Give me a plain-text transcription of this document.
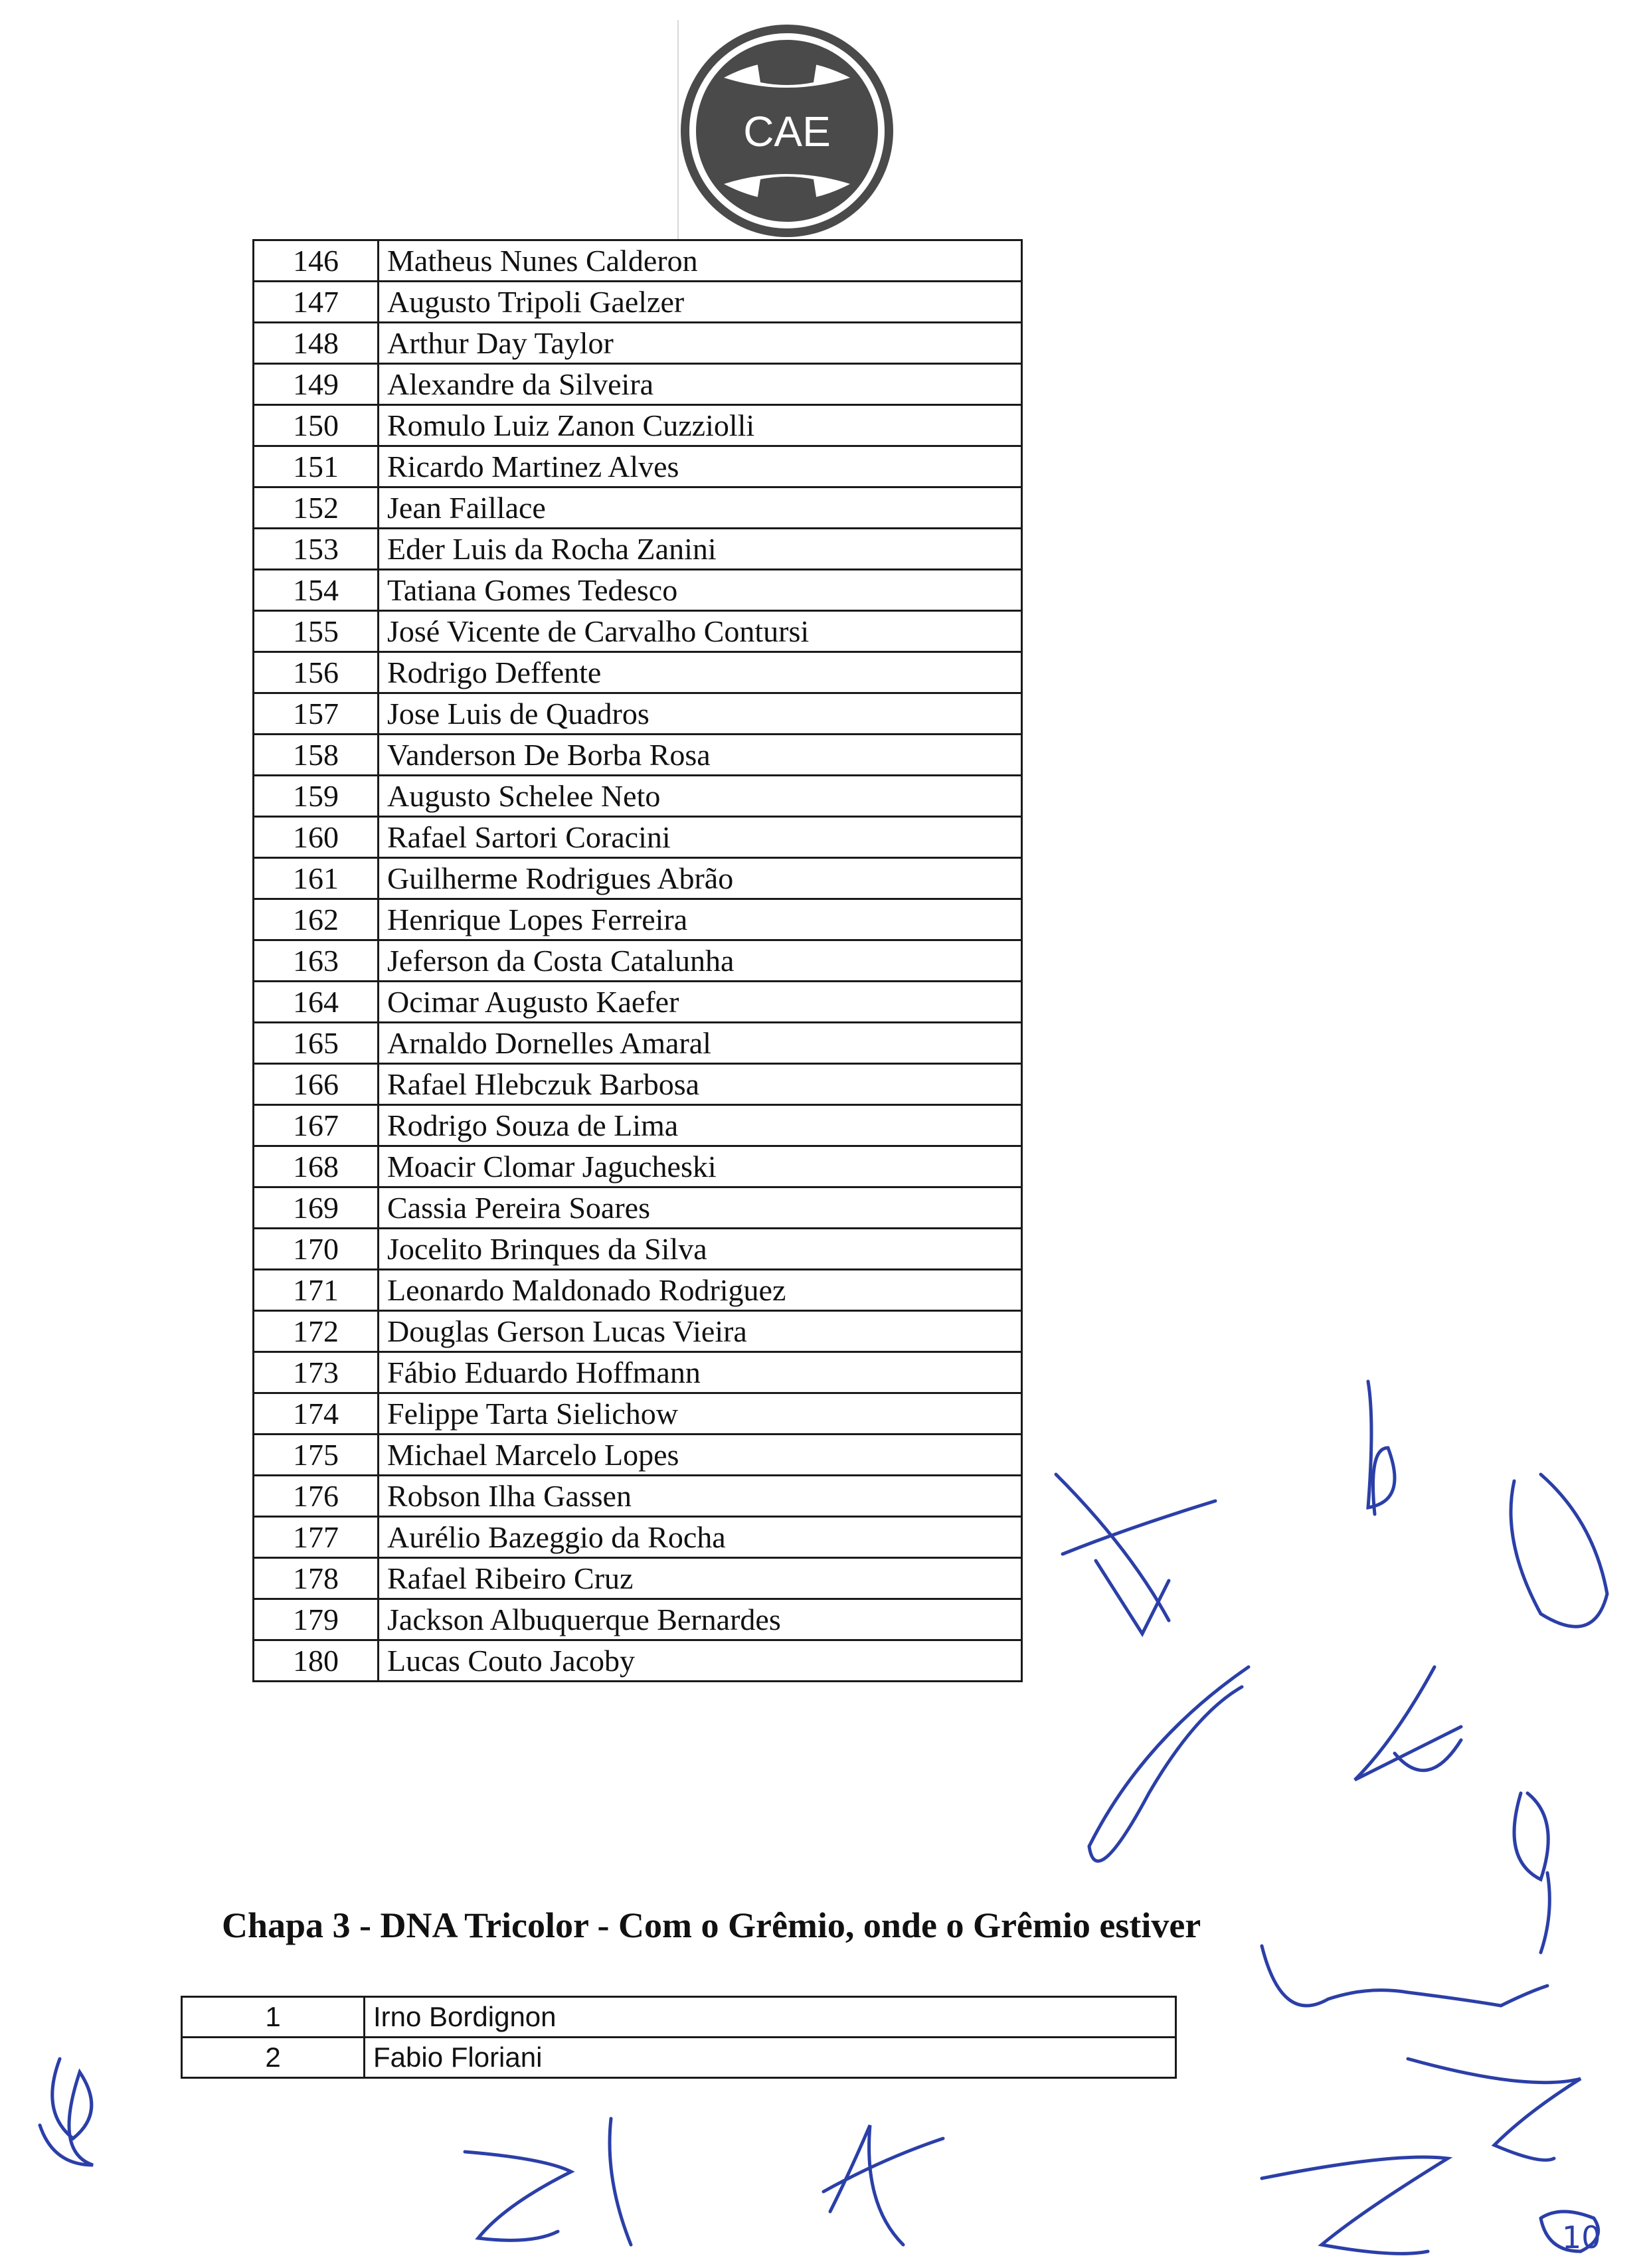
CAE
146	Matheus Nunes Calderon
147	Augusto Tripoli Gaelzer
148	Arthur Day Taylor
149	Alexandre da Silveira
150	Romulo Luiz Zanon Cuzziolli
151	Ricardo Martinez Alves
152	Jean Faillace
153	Eder Luis da Rocha Zanini
154	Tatiana Gomes Tedesco
155	José Vicente de Carvalho Contursi
156	Rodrigo Deffente
157	Jose Luis de Quadros
158	Vanderson De Borba Rosa
159	Augusto Schelee Neto
160	Rafael Sartori Coracini
161	Guilherme Rodrigues Abrão
162	Henrique Lopes Ferreira
163	Jeferson da Costa Catalunha
164	Ocimar Augusto Kaefer
165	Arnaldo Dornelles Amaral
166	Rafael Hlebczuk Barbosa
167	Rodrigo Souza de Lima
168	Moacir Clomar Jagucheski
169	Cassia Pereira Soares
170	Jocelito Brinques da Silva
171	Leonardo Maldonado Rodriguez
172	Douglas Gerson Lucas Vieira
173	Fábio Eduardo Hoffmann
174	Felippe Tarta Sielichow
175	Michael Marcelo Lopes
176	Robson Ilha Gassen
177	Aurélio Bazeggio da Rocha
178	Rafael Ribeiro Cruz
179	Jackson Albuquerque Bernardes
180	Lucas Couto Jacoby
Chapa 3 - DNA Tricolor - Com o Grêmio, onde o Grêmio estiver
1	Irno Bordignon
2	Fabio Floriani
10
